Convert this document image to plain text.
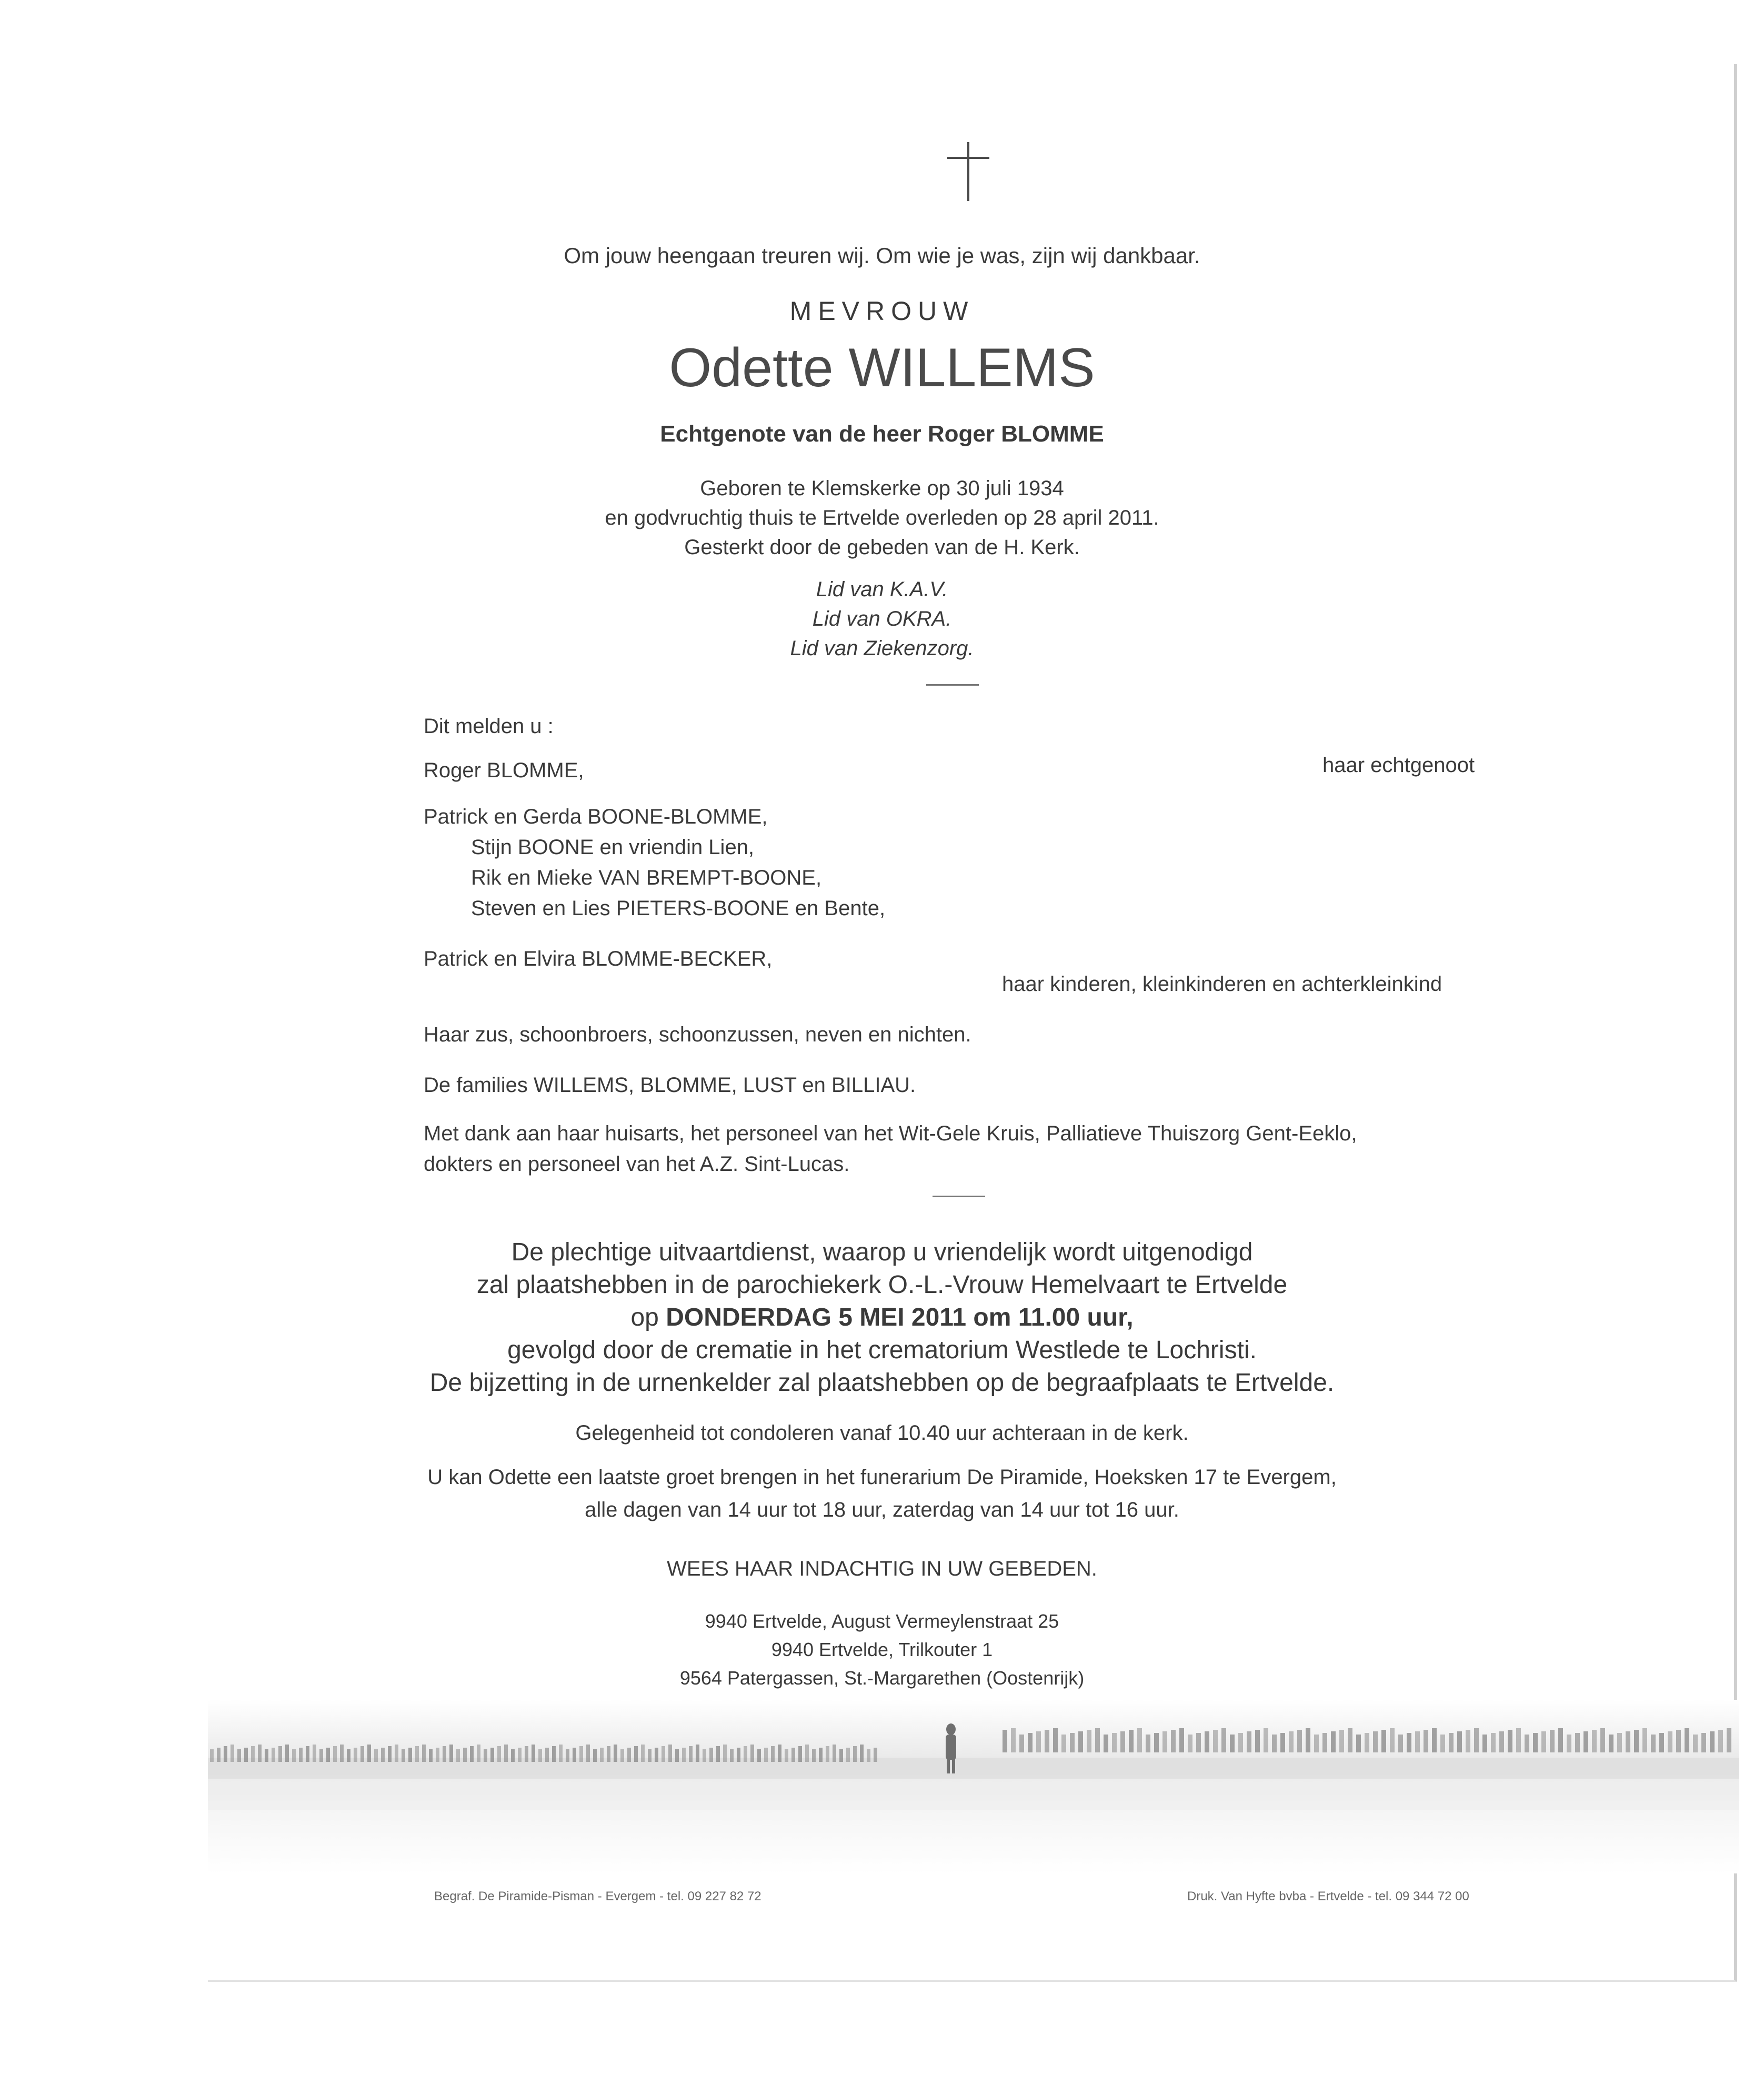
Om jouw heengaan treuren wij. Om wie je was, zijn wij dankbaar.
MEVROUW
Odette WILLEMS
Echtgenote van de heer Roger BLOMME
Geboren te Klemskerke op 30 juli 1934
en godvruchtig thuis te Ertvelde overleden op 28 april 2011.
Gesterkt door de gebeden van de H. Kerk.
Lid van K.A.V.
Lid van OKRA.
Lid van Ziekenzorg.
Dit melden u :
Roger BLOMME,	haar echtgenoot
Patrick en Gerda BOONE-BLOMME,
Stijn BOONE en vriendin Lien,
Rik en Mieke VAN BREMPT-BOONE,
Steven en Lies PIETERS-BOONE en Bente,
Patrick en Elvira BLOMME-BECKER,
haar kinderen, kleinkinderen en achterkleinkind
Haar zus, schoonbroers, schoonzussen, neven en nichten.
De families WILLEMS, BLOMME, LUST en BILLIAU.
Met dank aan haar huisarts, het personeel van het Wit-Gele Kruis, Palliatieve Thuiszorg Gent-Eeklo,
dokters en personeel van het A.Z. Sint-Lucas.
De plechtige uitvaartdienst, waarop u vriendelijk wordt uitgenodigd
zal plaatshebben in de parochiekerk O.-L.-Vrouw Hemelvaart te Ertvelde
op DONDERDAG 5 MEI 2011 om 11.00 uur,
gevolgd door de crematie in het crematorium Westlede te Lochristi.
De bijzetting in de urnenkelder zal plaatshebben op de begraafplaats te Ertvelde.
Gelegenheid tot condoleren vanaf 10.40 uur achteraan in de kerk.
U kan Odette een laatste groet brengen in het funerarium De Piramide, Hoeksken 17 te Evergem,
alle dagen van 14 uur tot 18 uur, zaterdag van 14 uur tot 16 uur.
WEES HAAR INDACHTIG IN UW GEBEDEN.
9940 Ertvelde, August Vermeylenstraat 25
9940 Ertvelde, Trilkouter 1
9564 Patergassen, St.-Margarethen (Oostenrijk)
Begraf. De Piramide-Pisman - Evergem - tel. 09 227 82 72	Druk. Van Hyfte bvba - Ertvelde - tel. 09 344 72 00
